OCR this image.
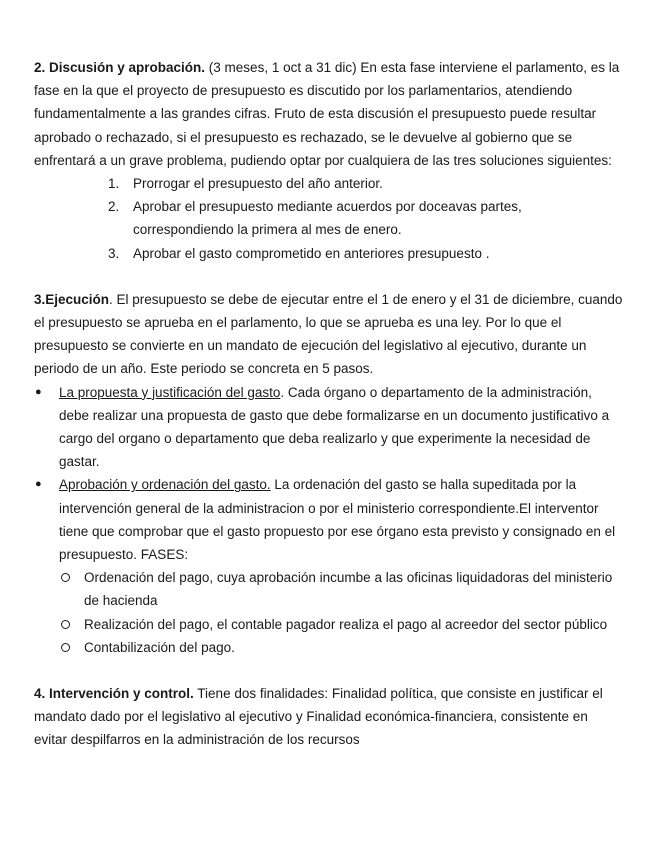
2. Discusión y aprobación. (3 meses, 1 oct a 31 dic) En esta fase interviene el parlamento, es la fase en la que el proyecto de presupuesto es discutido por los parlamentarios, atendiendo fundamentalmente a las grandes cifras. Fruto de esta discusión el presupuesto puede resultar aprobado o rechazado, si el presupuesto es rechazado, se le devuelve al gobierno que se enfrentará a un grave problema, pudiendo optar por cualquiera de las tres soluciones siguientes:

1. Prorrogar el presupuesto del año anterior.
2. Aprobar el presupuesto mediante acuerdos por doceavas partes, correspondiendo la primera al mes de enero.
3. Aprobar el gasto comprometido en anteriores presupuesto .

3.Ejecución. El presupuesto se debe de ejecutar entre el 1 de enero y el 31 de diciembre, cuando el presupuesto se aprueba en el parlamento, lo que se aprueba es una ley. Por lo que el presupuesto se convierte en un mandato de ejecución del legislativo al ejecutivo, durante un periodo de un año. Este periodo se concreta en 5 pasos.

● La propuesta y justificación del gasto. Cada órgano o departamento de la administración, debe realizar una propuesta de gasto que debe formalizarse en un documento justificativo a cargo del organo o departamento que deba realizarlo y que experimente la necesidad de gastar.
● Aprobación y ordenación del gasto. La ordenación del gasto se halla supeditada por la intervención general de la administracion o por el ministerio correspondiente.El interventor tiene que comprobar que el gasto propuesto por ese órgano esta previsto y consignado en el presupuesto. FASES:
Ordenación del pago, cuya aprobación incumbe a las oficinas liquidadoras del ministerio de hacienda
Realización del pago, el contable pagador realiza el pago al acreedor del sector público
Contabilización del pago.

4. Intervención y control. Tiene dos finalidades: Finalidad política, que consiste en justificar el mandato dado por el legislativo al ejecutivo y Finalidad económica-financiera, consistente en evitar despilfarros en la administración de los recursos
